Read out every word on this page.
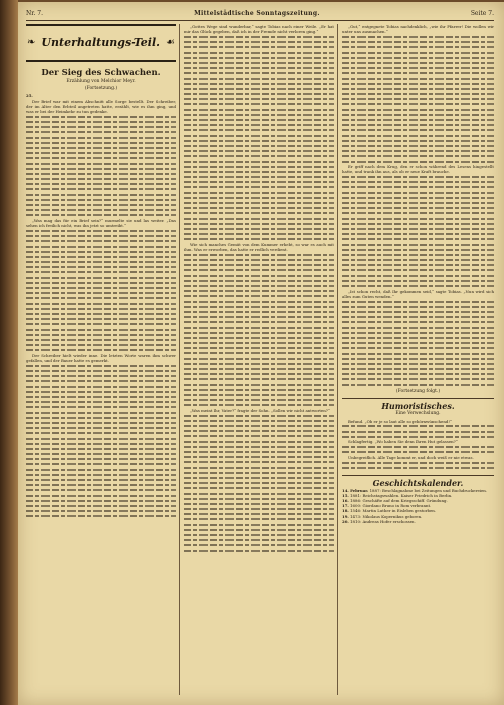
Nr. 7.	Mittelstädtische Sonntagszeitung.	Seite 7.
❧ Unterhaltungs-Teil. ☙
Der Sieg des Schwachen.
Erzählung von Melchior Meyr.
(Fortsetzung.)
25.

Der Brief war mit einem Abschnitt alle Sorge bestellt. Der Schreiber, der im Alter den Erbteil angetreten hatte, erzählt, wie es ihm ging, und was er bei der Heimkehr zu tun gedenke.

„Was mag das für ein Brief sein?“ murmelte sie und las weiter. „Das sehen ich freilich nicht, was ihn jetzt so umtreibt.“

Der Schreiber hielt wieder inne. Die letzten Worte waren ihm schwer gefallen, und der Bauer hatte es gemerkt.

„Gottes Wege sind wunderbar,“ sagte Tobias nach einer Weile. „Er hat mir das Glück gegeben, daß ich in der Fremde nicht verloren ging.“

Wie sich manches Gemüt von dem Kummer erhebt, so war es auch mit ihm. Was er erworben, das hatte er redlich verdient.

„Was meint Ihr, Vater?“ fragte der Sohn. „Sollen wir nicht antworten?“

„Gut,“ entgegnete Tobias nachdenklich, „wie ihr Pfarrer! Die wollen wir unter uns ausmachen.“

Er griff nach dem Krug, den er schon während des Lesens hingestellt hatte, und trank ihn aus, als ob er neue Kraft brauche.

„Ist schon recht, daß Ihr gekommen seid,“ sagte Tobias. „Nun wird sich alles zum Guten wenden.“

(Fortsetzung folgt.)
Humoristisches.
Eine Verwechslung.

Befund. „Ob er je so laut alle so gehörnwünschend!“

Schlagfertig. „Wo haben Sie denn Ihren Hut gelassen?“

Unbegreiflich. Alle Tage kommt er, und doch weiß er nie etwas.

Geschichtskalender.
14. Februar. 1887: Beschlagnahme bei Zeitungen und Buchdruckereien.
15. 1881: Reichstagswahlen. Kaiser Friedrich in Berlin.
16. 1886: Geschäfte auf dem Kriegsschiff. Gründung.
17. 1600: Giordano Bruno in Rom verbrannt.
18. 1546: Martin Luther in Eisleben gestorben.
19. 1473: Nikolaus Kopernikus geboren.
20. 1810: Andreas Hofer erschossen.
